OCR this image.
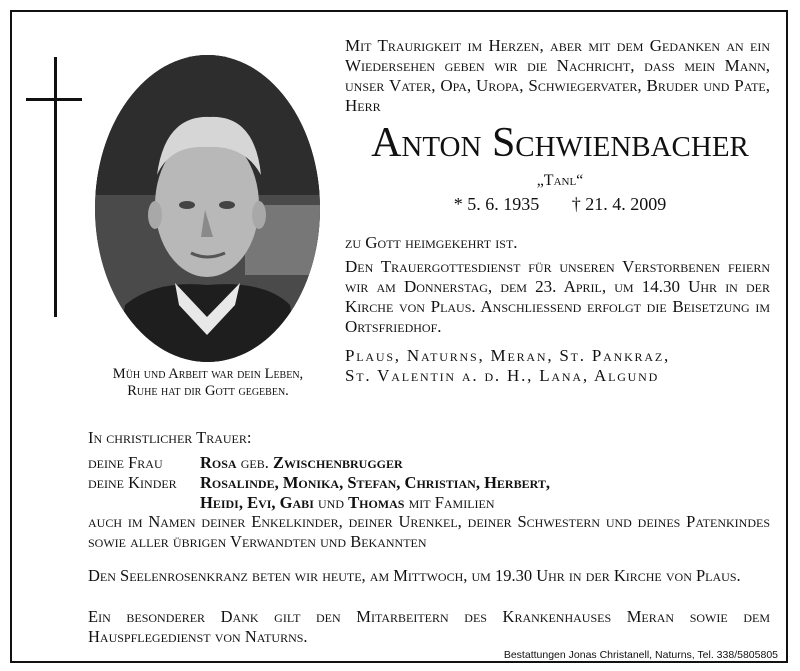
Müh und Arbeit war dein Leben,
Ruhe hat dir Gott gegeben.
Mit Traurigkeit im Herzen, aber mit dem Gedanken an ein Wiedersehen geben wir die Nachricht, dass mein Mann, unser Vater, Opa, Uropa, Schwiegervater, Bruder und Pate, Herr
Anton Schwienbacher
„Tanl“
* 5. 6. 1935 † 21. 4. 2009
zu Gott heimgekehrt ist.
Den Trauergottesdienst für unseren Verstorbenen feiern wir am Donnerstag, dem 23. April, um 14.30 Uhr in der Kirche von Plaus. Anschliessend erfolgt die Beisetzung im Ortsfriedhof.
Plaus, Naturns, Meran, St. Pankraz,
St. Valentin a. d. H., Lana, Algund
In christlicher Trauer:
deine Frau	Rosa geb. Zwischenbrugger
deine Kinder	Rosalinde, Monika, Stefan, Christian, Herbert,
Heidi, Evi, Gabi und Thomas mit Familien
auch im Namen deiner Enkelkinder, deiner Urenkel, deiner Schwestern und deines Patenkindes sowie aller übrigen Verwandten und Bekannten
Den Seelenrosenkranz beten wir heute, am Mittwoch, um 19.30 Uhr in der Kirche von Plaus.
Ein besonderer Dank gilt den Mitarbeitern des Krankenhauses Meran sowie dem Hauspflegedienst von Naturns.
Bestattungen Jonas Christanell, Naturns, Tel. 338/5805805
